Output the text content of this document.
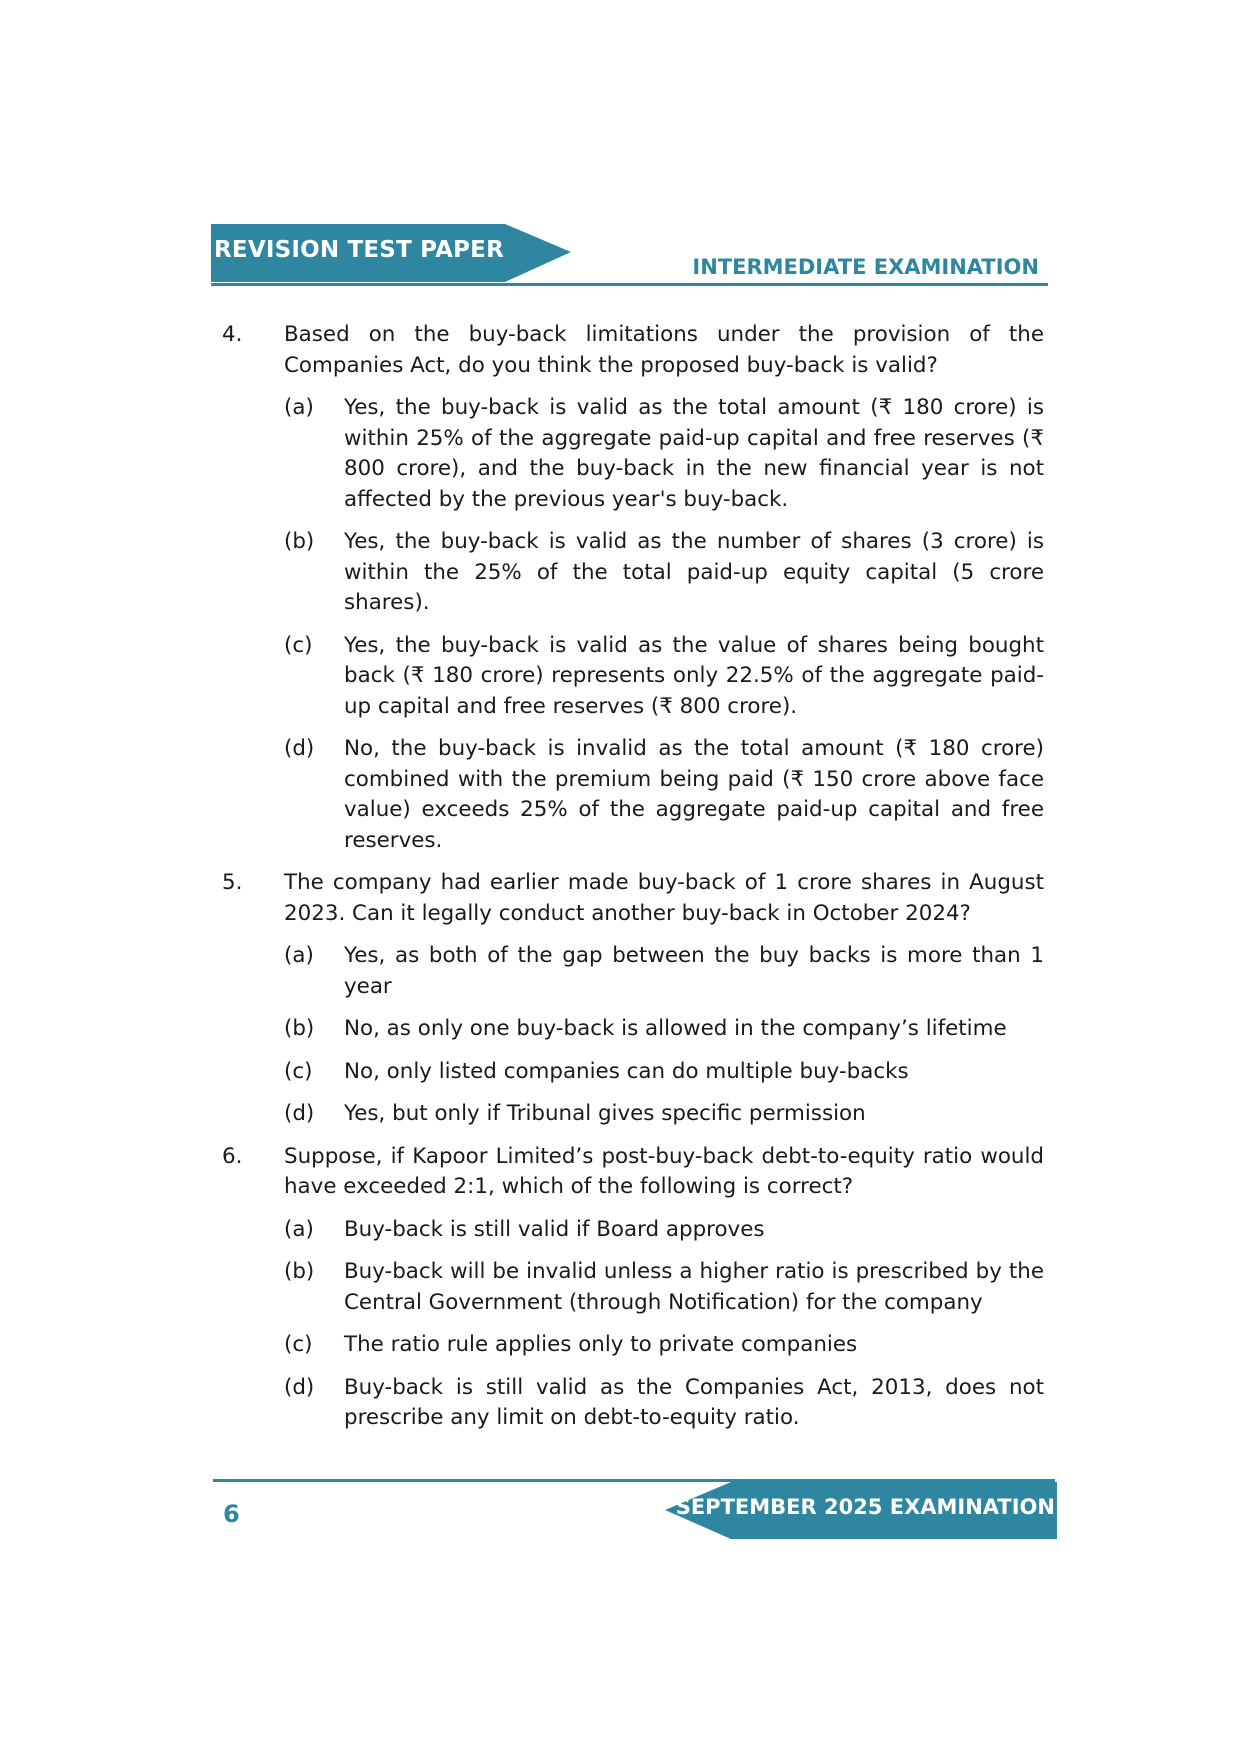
REVISION TEST PAPER
INTERMEDIATE EXAMINATION
4. Based on the buy-back limitations under the provision of the Companies Act, do you think the proposed buy-back is valid?
(a) Yes, the buy-back is valid as the total amount (₹ 180 crore) is within 25% of the aggregate paid-up capital and free reserves (₹ 800 crore), and the buy-back in the new financial year is not affected by the previous year's buy-back.
(b) Yes, the buy-back is valid as the number of shares (3 crore) is within the 25% of the total paid-up equity capital (5 crore shares).
(c) Yes, the buy-back is valid as the value of shares being bought back (₹ 180 crore) represents only 22.5% of the aggregate paid-up capital and free reserves (₹ 800 crore).
(d) No, the buy-back is invalid as the total amount (₹ 180 crore) combined with the premium being paid (₹ 150 crore above face value) exceeds 25% of the aggregate paid-up capital and free reserves.
5. The company had earlier made buy-back of 1 crore shares in August 2023. Can it legally conduct another buy-back in October 2024?
(a) Yes, as both of the gap between the buy backs is more than 1 year
(b) No, as only one buy-back is allowed in the company’s lifetime
(c) No, only listed companies can do multiple buy-backs
(d) Yes, but only if Tribunal gives specific permission
6. Suppose, if Kapoor Limited’s post-buy-back debt-to-equity ratio would have exceeded 2:1, which of the following is correct?
(a) Buy-back is still valid if Board approves
(b) Buy-back will be invalid unless a higher ratio is prescribed by the Central Government (through Notification) for the company
(c) The ratio rule applies only to private companies
(d) Buy-back is still valid as the Companies Act, 2013, does not prescribe any limit on debt-to-equity ratio.
6	SEPTEMBER 2025 EXAMINATION
